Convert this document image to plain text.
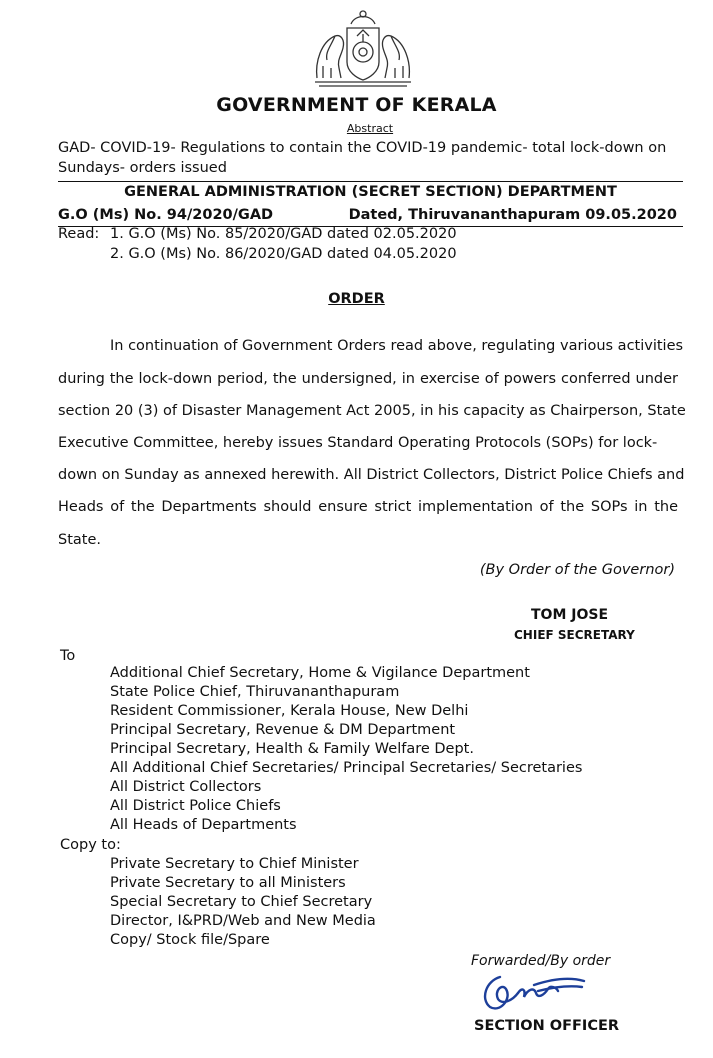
GOVERNMENT OF KERALA
Abstract
GAD- COVID-19- Regulations to contain the COVID-19 pandemic- total lock-down on Sundays- orders issued
GENERAL ADMINISTRATION (SECRET SECTION) DEPARTMENT
G.O (Ms) No. 94/2020/GAD	Dated, Thiruvananthapuram 09.05.2020
Read: 1. G.O (Ms) No. 85/2020/GAD dated 02.05.2020
2. G.O (Ms) No. 86/2020/GAD dated 04.05.2020
ORDER
In continuation of Government Orders read above, regulating various activities
during the lock-down period, the undersigned, in exercise of powers conferred under
section 20 (3) of Disaster Management Act 2005, in his capacity as Chairperson, State
Executive Committee, hereby issues Standard Operating Protocols (SOPs) for lock-
down on Sunday as annexed herewith. All District Collectors, District Police Chiefs and
Heads of the Departments should ensure strict implementation of the SOPs in the
State.
(By Order of the Governor)
TOM JOSE
CHIEF SECRETARY
To
Additional Chief Secretary, Home & Vigilance Department
State Police Chief, Thiruvananthapuram
Resident Commissioner, Kerala House, New Delhi
Principal Secretary, Revenue & DM Department
Principal Secretary, Health & Family Welfare Dept.
All Additional Chief Secretaries/ Principal Secretaries/ Secretaries
All District Collectors
All District Police Chiefs
All Heads of Departments
Copy to:
Private Secretary to Chief Minister
Private Secretary to all Ministers
Special Secretary to Chief Secretary
Director, I&PRD/Web and New Media
Copy/ Stock file/Spare
Forwarded/By order
SECTION OFFICER
